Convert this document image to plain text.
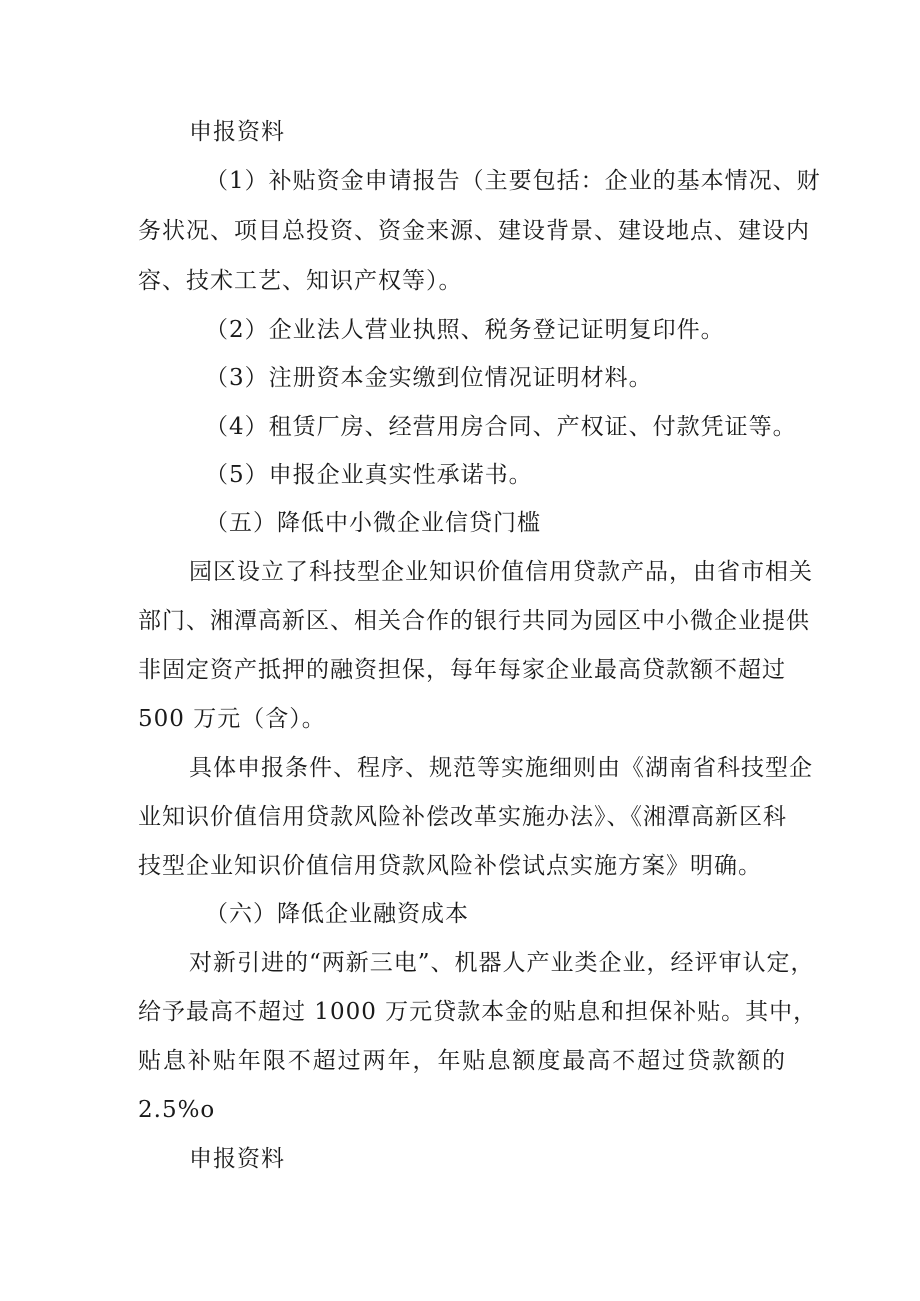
申报资料
（1）补贴资金申请报告（主要包括：企业的基本情况、财
务状况、项目总投资、资金来源、建设背景、建设地点、建设内
容、技术工艺、知识产权等）。
（2）企业法人营业执照、税务登记证明复印件。
（3）注册资本金实缴到位情况证明材料。
（4）租赁厂房、经营用房合同、产权证、付款凭证等。
（5）申报企业真实性承诺书。
（五）降低中小微企业信贷门槛
园区设立了科技型企业知识价值信用贷款产品，由省市相关
部门、湘潭高新区、相关合作的银行共同为园区中小微企业提供
非固定资产抵押的融资担保，每年每家企业最高贷款额不超过
500 万元（含）。
具体申报条件、程序、规范等实施细则由《湖南省科技型企
业知识价值信用贷款风险补偿改革实施办法》、《湘潭高新区科
技型企业知识价值信用贷款风险补偿试点实施方案》明确。
（六）降低企业融资成本
对新引进的“两新三电”、机器人产业类企业，经评审认定，
给予最高不超过 1000 万元贷款本金的贴息和担保补贴。其中，
贴息补贴年限不超过两年，年贴息额度最高不超过贷款额的
2.5%o
申报资料
